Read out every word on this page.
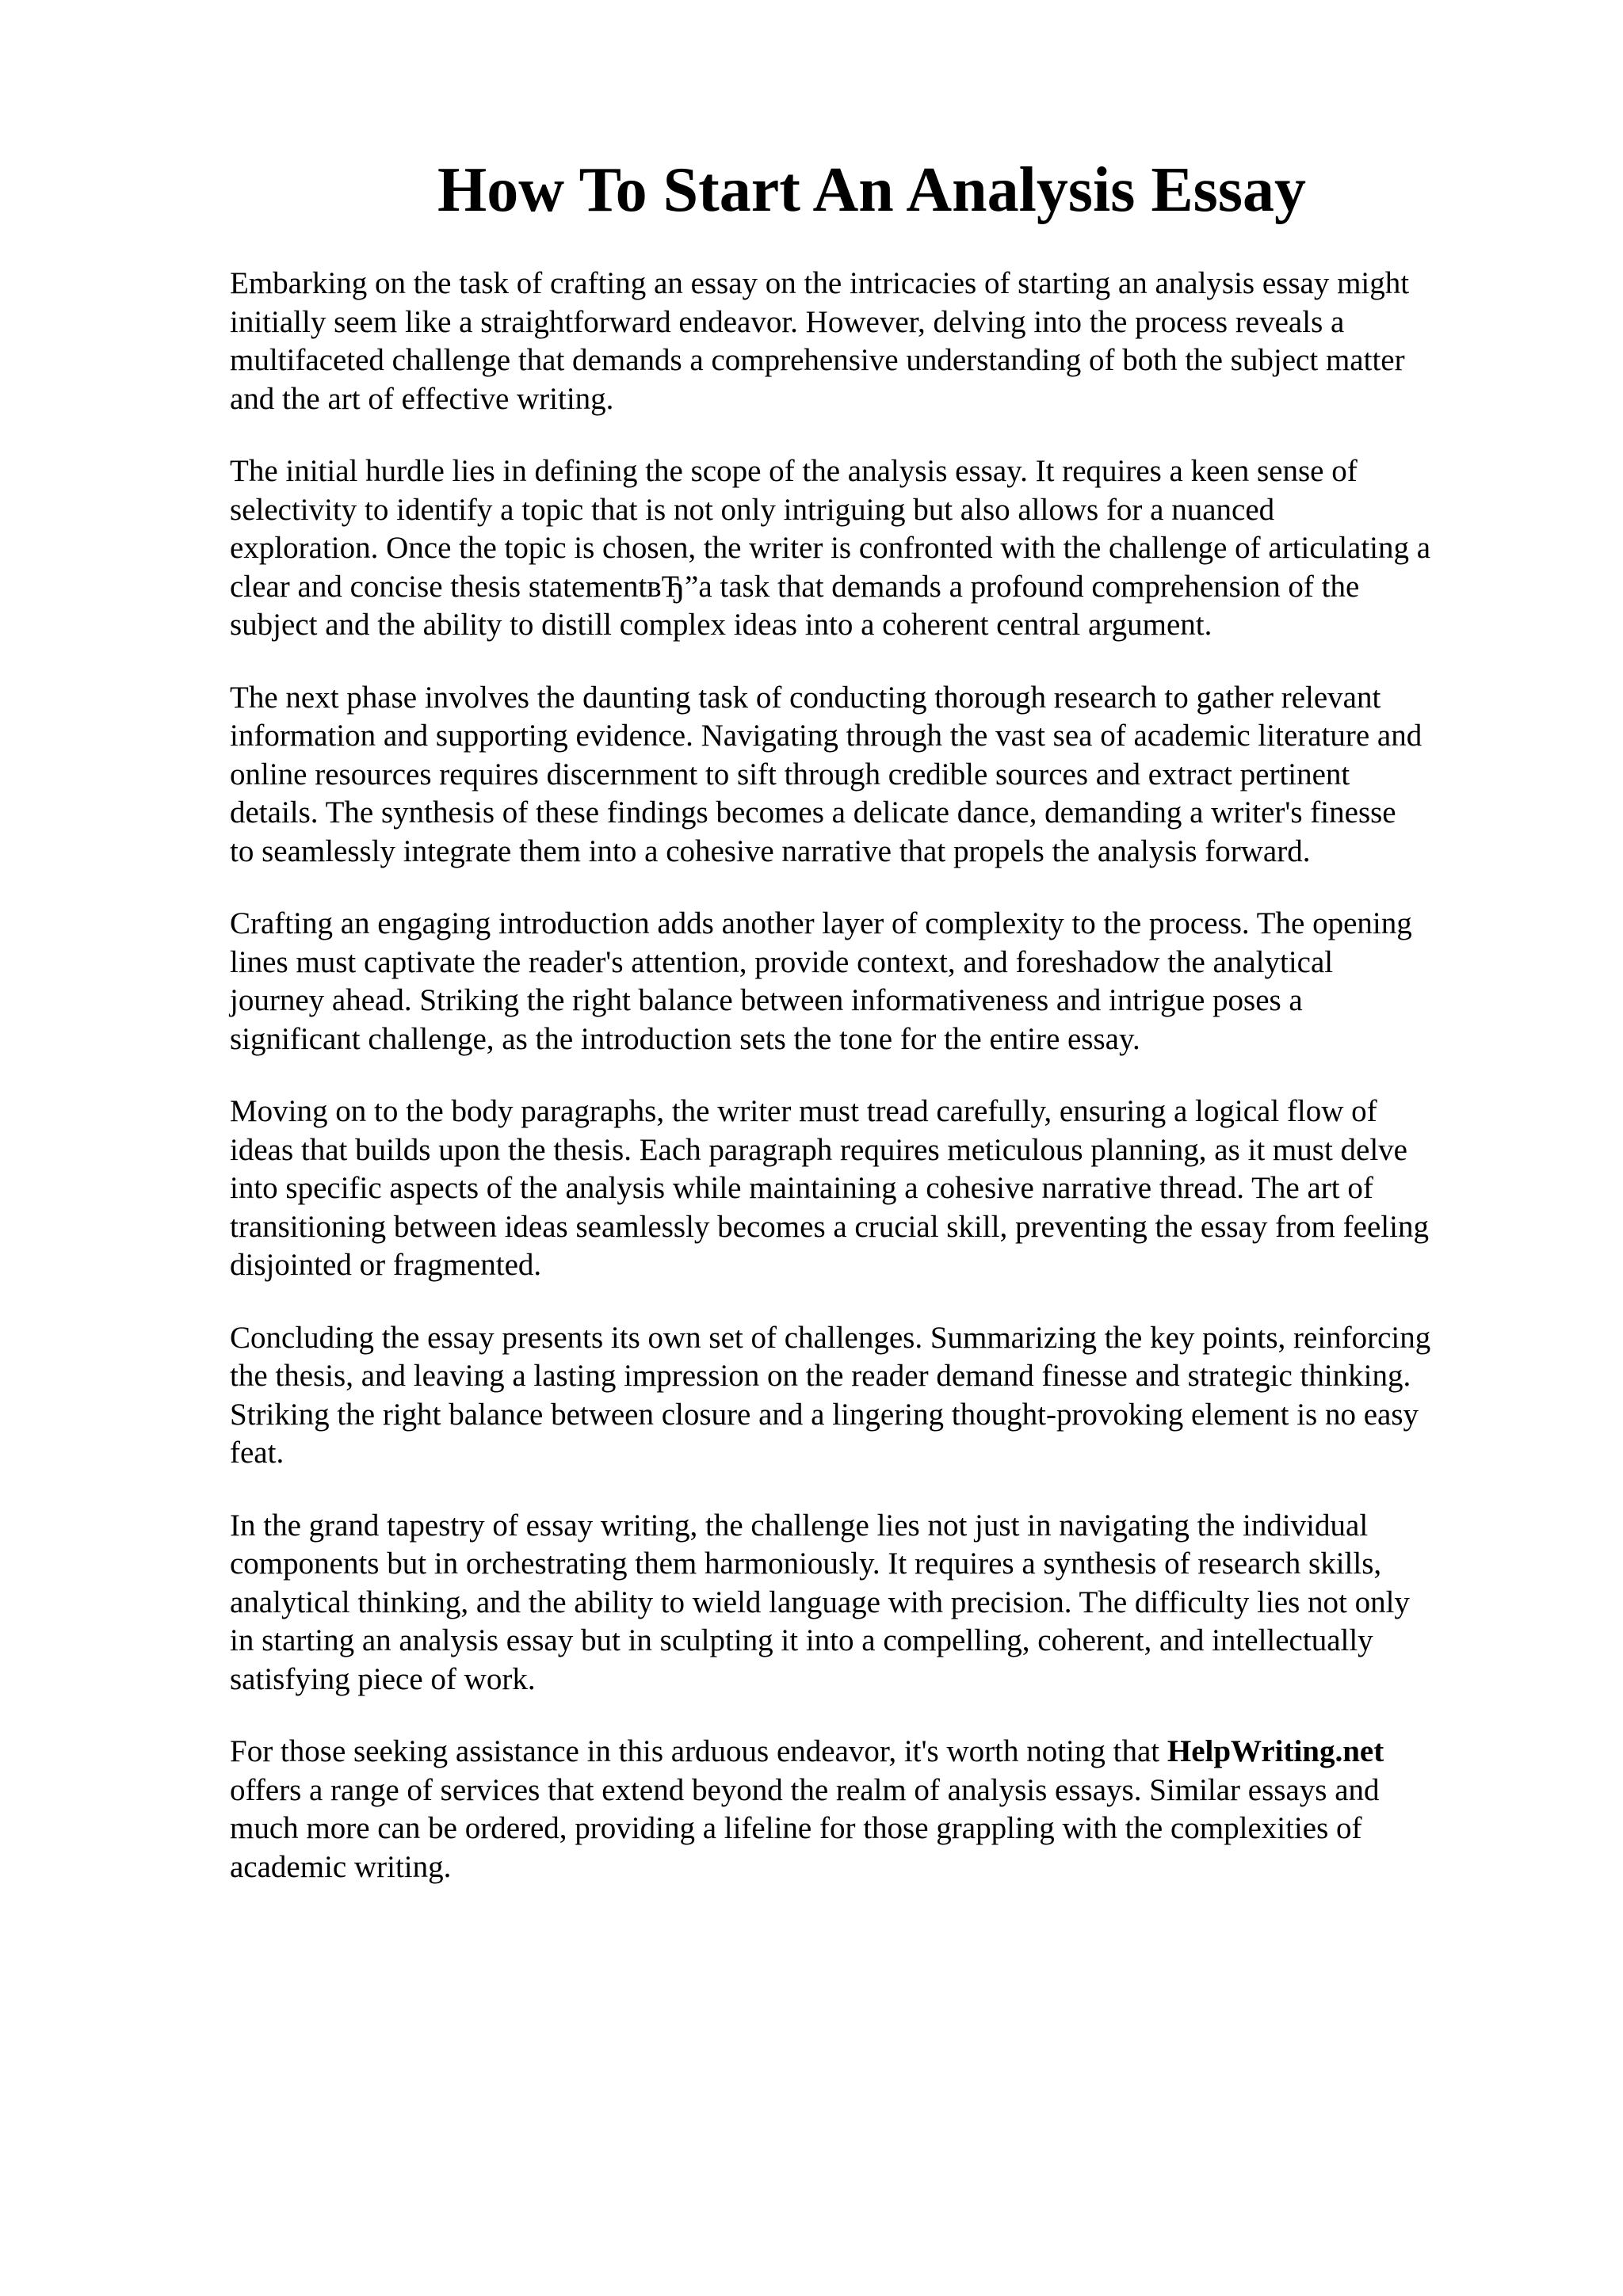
How To Start An Analysis Essay

Embarking on the task of crafting an essay on the intricacies of starting an analysis essay might
initially seem like a straightforward endeavor. However, delving into the process reveals a
multifaceted challenge that demands a comprehensive understanding of both the subject matter
and the art of effective writing.

The initial hurdle lies in defining the scope of the analysis essay. It requires a keen sense of
selectivity to identify a topic that is not only intriguing but also allows for a nuanced
exploration. Once the topic is chosen, the writer is confronted with the challenge of articulating a
clear and concise thesis statementвЂ”a task that demands a profound comprehension of the
subject and the ability to distill complex ideas into a coherent central argument.

The next phase involves the daunting task of conducting thorough research to gather relevant
information and supporting evidence. Navigating through the vast sea of academic literature and
online resources requires discernment to sift through credible sources and extract pertinent
details. The synthesis of these findings becomes a delicate dance, demanding a writer's finesse
to seamlessly integrate them into a cohesive narrative that propels the analysis forward.

Crafting an engaging introduction adds another layer of complexity to the process. The opening
lines must captivate the reader's attention, provide context, and foreshadow the analytical
journey ahead. Striking the right balance between informativeness and intrigue poses a
significant challenge, as the introduction sets the tone for the entire essay.

Moving on to the body paragraphs, the writer must tread carefully, ensuring a logical flow of
ideas that builds upon the thesis. Each paragraph requires meticulous planning, as it must delve
into specific aspects of the analysis while maintaining a cohesive narrative thread. The art of
transitioning between ideas seamlessly becomes a crucial skill, preventing the essay from feeling
disjointed or fragmented.

Concluding the essay presents its own set of challenges. Summarizing the key points, reinforcing
the thesis, and leaving a lasting impression on the reader demand finesse and strategic thinking.
Striking the right balance between closure and a lingering thought-provoking element is no easy
feat.

In the grand tapestry of essay writing, the challenge lies not just in navigating the individual
components but in orchestrating them harmoniously. It requires a synthesis of research skills,
analytical thinking, and the ability to wield language with precision. The difficulty lies not only
in starting an analysis essay but in sculpting it into a compelling, coherent, and intellectually
satisfying piece of work.

For those seeking assistance in this arduous endeavor, it's worth noting that HelpWriting.net
offers a range of services that extend beyond the realm of analysis essays. Similar essays and
much more can be ordered, providing a lifeline for those grappling with the complexities of
academic writing.
